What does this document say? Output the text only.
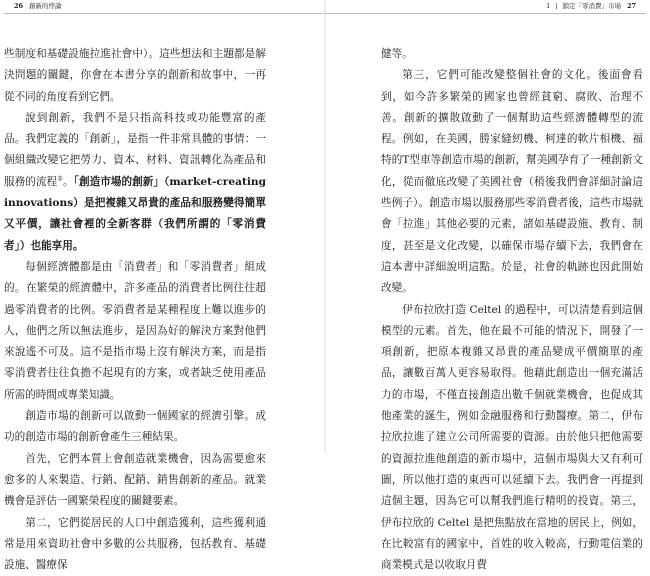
26 創新的悖論

些制度和基礎設施拉進社會中）。這些想法和主題都是解決問題的關鍵，你會在本書分享的創新和故事中，一再從不同的角度看到它們。

說到創新，我們不是只指高科技或功能豐富的產品。我們定義的「創新」，是指一件非常具體的事情：一個組織改變它把勞力、資本、材料、資訊轉化為產品和服務的流程②。「創造市場的創新」（market-creating innovations）是把複雜又昂貴的產品和服務變得簡單又平價，讓社會裡的全新客群（我們所謂的「零消費者」）也能享用。

每個經濟體都是由「消費者」和「零消費者」組成的。在繁榮的經濟體中，許多產品的消費者比例往往超過零消費者的比例。零消費者是某種程度上難以進步的人，他們之所以無法進步，是因為好的解決方案對他們來說遙不可及。這不是指市場上沒有解決方案，而是指零消費者往往負擔不起現有的方案，或者缺乏使用產品所需的時間或專業知識。

創造市場的創新可以啟動一個國家的經濟引擎。成功的創造市場的創新會產生三種結果。

首先，它們本質上會創造就業機會，因為需要愈來愈多的人來製造、行銷、配銷、銷售創新的產品。就業機會是評估一國繁榮程度的關鍵要素。

第二，它們從居民的人口中創造獲利，這些獲利通常是用來資助社會中多數的公共服務，包括教育、基礎設施、醫療保

1 | 鎖定「零消費」市場 27

健等。

第三，它們可能改變整個社會的文化。後面會看到，如今許多繁榮的國家也曾經貧窮、腐敗、治理不善。創新的擴散啟動了一個幫助這些經濟體轉型的流程。例如，在美國，勝家縫紉機、柯達的軟片相機、福特的T型車等創造市場的創新，幫美國孕育了一種創新文化，從而徹底改變了美國社會（稍後我們會詳細討論這些例子）。創造市場以服務那些零消費者後，這些市場就會「拉進」其他必要的元素，諸如基礎設施、教育、制度，甚至是文化改變，以確保市場存續下去，我們會在這本書中詳細說明這點。於是，社會的軌跡也因此開始改變。

伊布拉欣打造 Celtel 的過程中，可以清楚看到這個模型的元素。首先，他在最不可能的情況下，開發了一項創新，把原本複雜又昂貴的產品變成平價簡單的產品，讓數百萬人更容易取得。他藉此創造出一個充滿活力的市場，不僅直接創造出數千個就業機會，也促成其他產業的誕生，例如金融服務和行動醫療。第二，伊布拉欣拉進了建立公司所需要的資源。由於他只把他需要的資源拉進他創造的新市場中，這個市場與大又有利可圖，所以他打造的東西可以延續下去。我們會一再提到這個主題，因為它可以幫我們進行精明的投資。第三，伊布拉欣的 Celtel 是把焦點放在當地的居民上，例如，在比較富有的國家中，首姓的收入較高，行動電信業的商業模式是以收取月費
